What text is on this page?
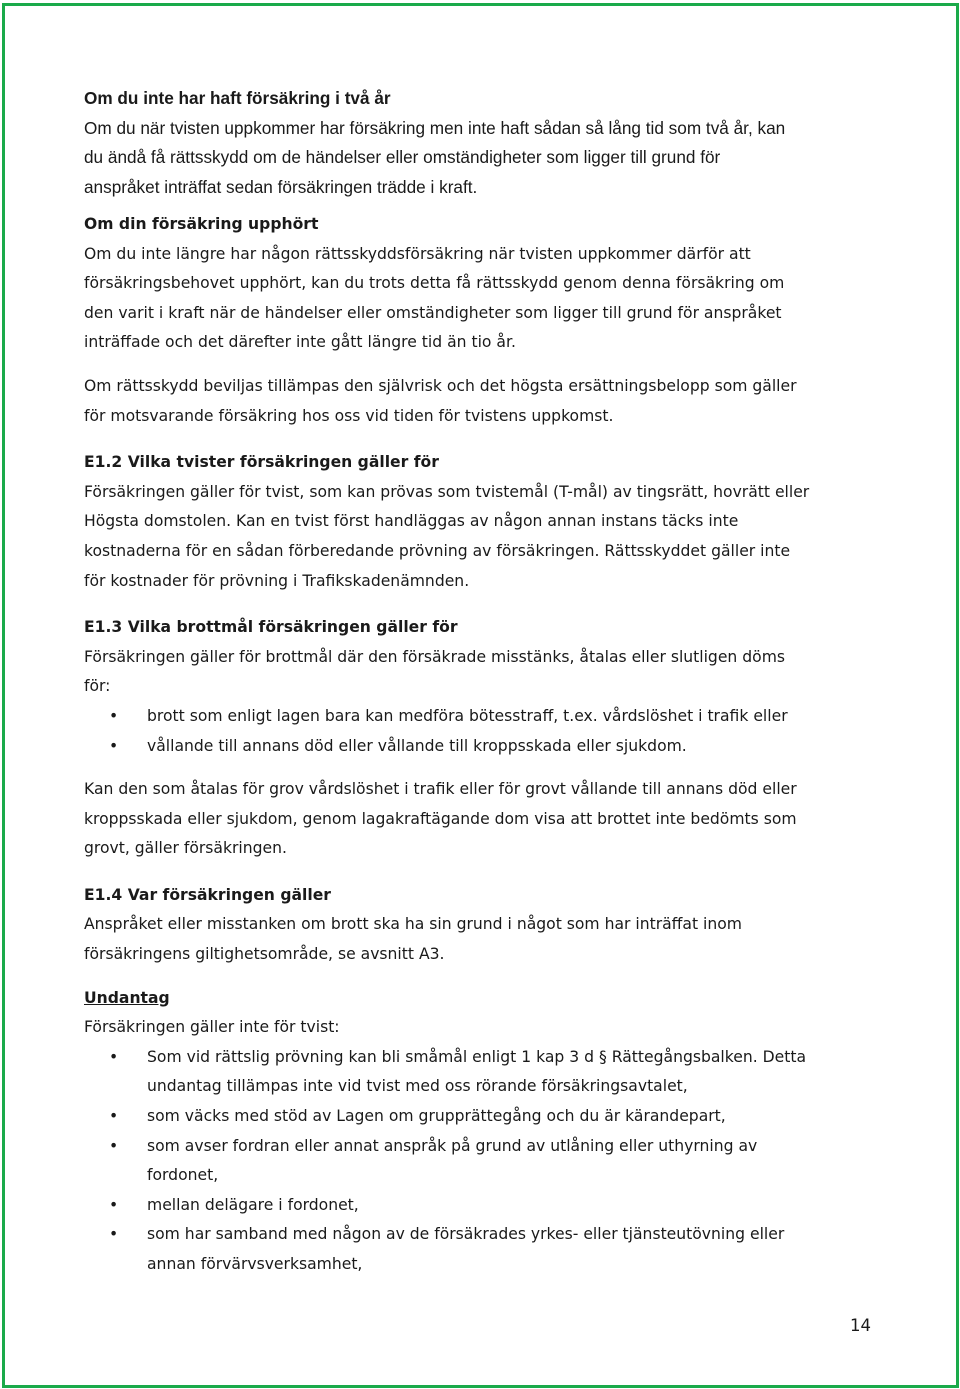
Om du inte har haft försäkring i två år

Om du när tvisten uppkommer har försäkring men inte haft sådan så lång tid som två år, kan

du ändå få rättsskydd om de händelser eller omständigheter som ligger till grund för

anspråket inträffat sedan försäkringen trädde i kraft.

Om din försäkring upphört

Om du inte längre har någon rättsskyddsförsäkring när tvisten uppkommer därför att

försäkringsbehovet upphört, kan du trots detta få rättsskydd genom denna försäkring om

den varit i kraft när de händelser eller omständigheter som ligger till grund för anspråket

inträffade och det därefter inte gått längre tid än tio år.

Om rättsskydd beviljas tillämpas den självrisk och det högsta ersättningsbelopp som gäller

för motsvarande försäkring hos oss vid tiden för tvistens uppkomst.

E1.2 Vilka tvister försäkringen gäller för

Försäkringen gäller för tvist, som kan prövas som tvistemål (T-mål) av tingsrätt, hovrätt eller

Högsta domstolen. Kan en tvist först handläggas av någon annan instans täcks inte

kostnaderna för en sådan förberedande prövning av försäkringen. Rättsskyddet gäller inte

för kostnader för prövning i Trafikskadenämnden.

E1.3 Vilka brottmål försäkringen gäller för

Försäkringen gäller för brottmål där den försäkrade misstänks, åtalas eller slutligen döms

för:

• brott som enligt lagen bara kan medföra bötesstraff, t.ex. vårdslöshet i trafik eller
• vållande till annans död eller vållande till kroppsskada eller sjukdom.

Kan den som åtalas för grov vårdslöshet i trafik eller för grovt vållande till annans död eller

kroppsskada eller sjukdom, genom lagakraftägande dom visa att brottet inte bedömts som

grovt, gäller försäkringen.

E1.4 Var försäkringen gäller

Anspråket eller misstanken om brott ska ha sin grund i något som har inträffat inom

försäkringens giltighetsområde, se avsnitt A3.

Undantag

Försäkringen gäller inte för tvist:

• Som vid rättslig prövning kan bli småmål enligt 1 kap 3 d § Rättegångsbalken. Detta
undantag tillämpas inte vid tvist med oss rörande försäkringsavtalet,
• som väcks med stöd av Lagen om grupprättegång och du är kärandepart,
• som avser fordran eller annat anspråk på grund av utlåning eller uthyrning av
fordonet,
• mellan delägare i fordonet,
• som har samband med någon av de försäkrades yrkes- eller tjänsteutövning eller
annan förvärvsverksamhet,
14
